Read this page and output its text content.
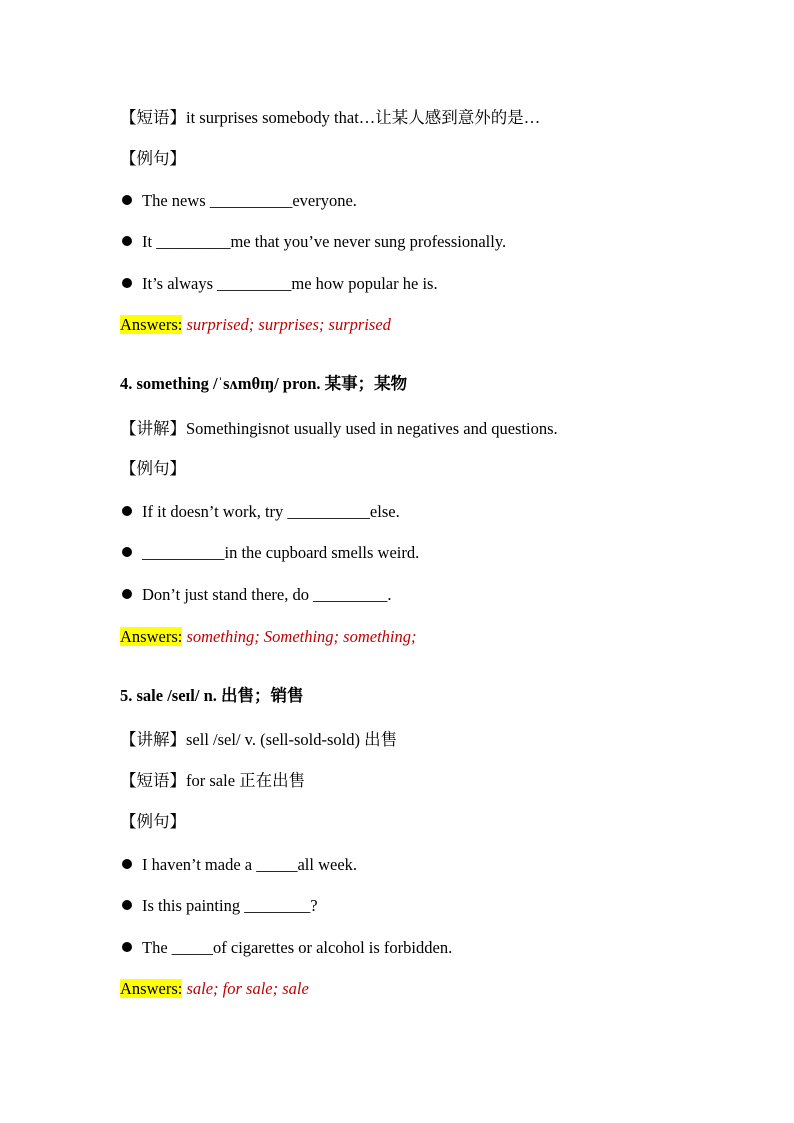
【短语】it surprises somebody that…让某人感到意外的是…
【例句】
The news __________everyone.
It _________me that you’ve never sung professionally.
It’s always _________me how popular he is.
Answers: surprised; surprises; surprised
4. something /ˈsʌmθɪŋ/ pron. 某事；某物
【讲解】Somethingisnot usually used in negatives and questions.
【例句】
If it doesn’t work, try __________else.
__________in the cupboard smells weird.
Don’t just stand there, do _________.
Answers: something; Something; something;
5. sale /seɪl/ n. 出售；销售
【讲解】sell /sel/ v. (sell-sold-sold) 出售
【短语】for sale 正在出售
【例句】
I haven’t made a _____all week.
Is this painting ________?
The _____of cigarettes or alcohol is forbidden.
Answers: sale; for sale; sale
